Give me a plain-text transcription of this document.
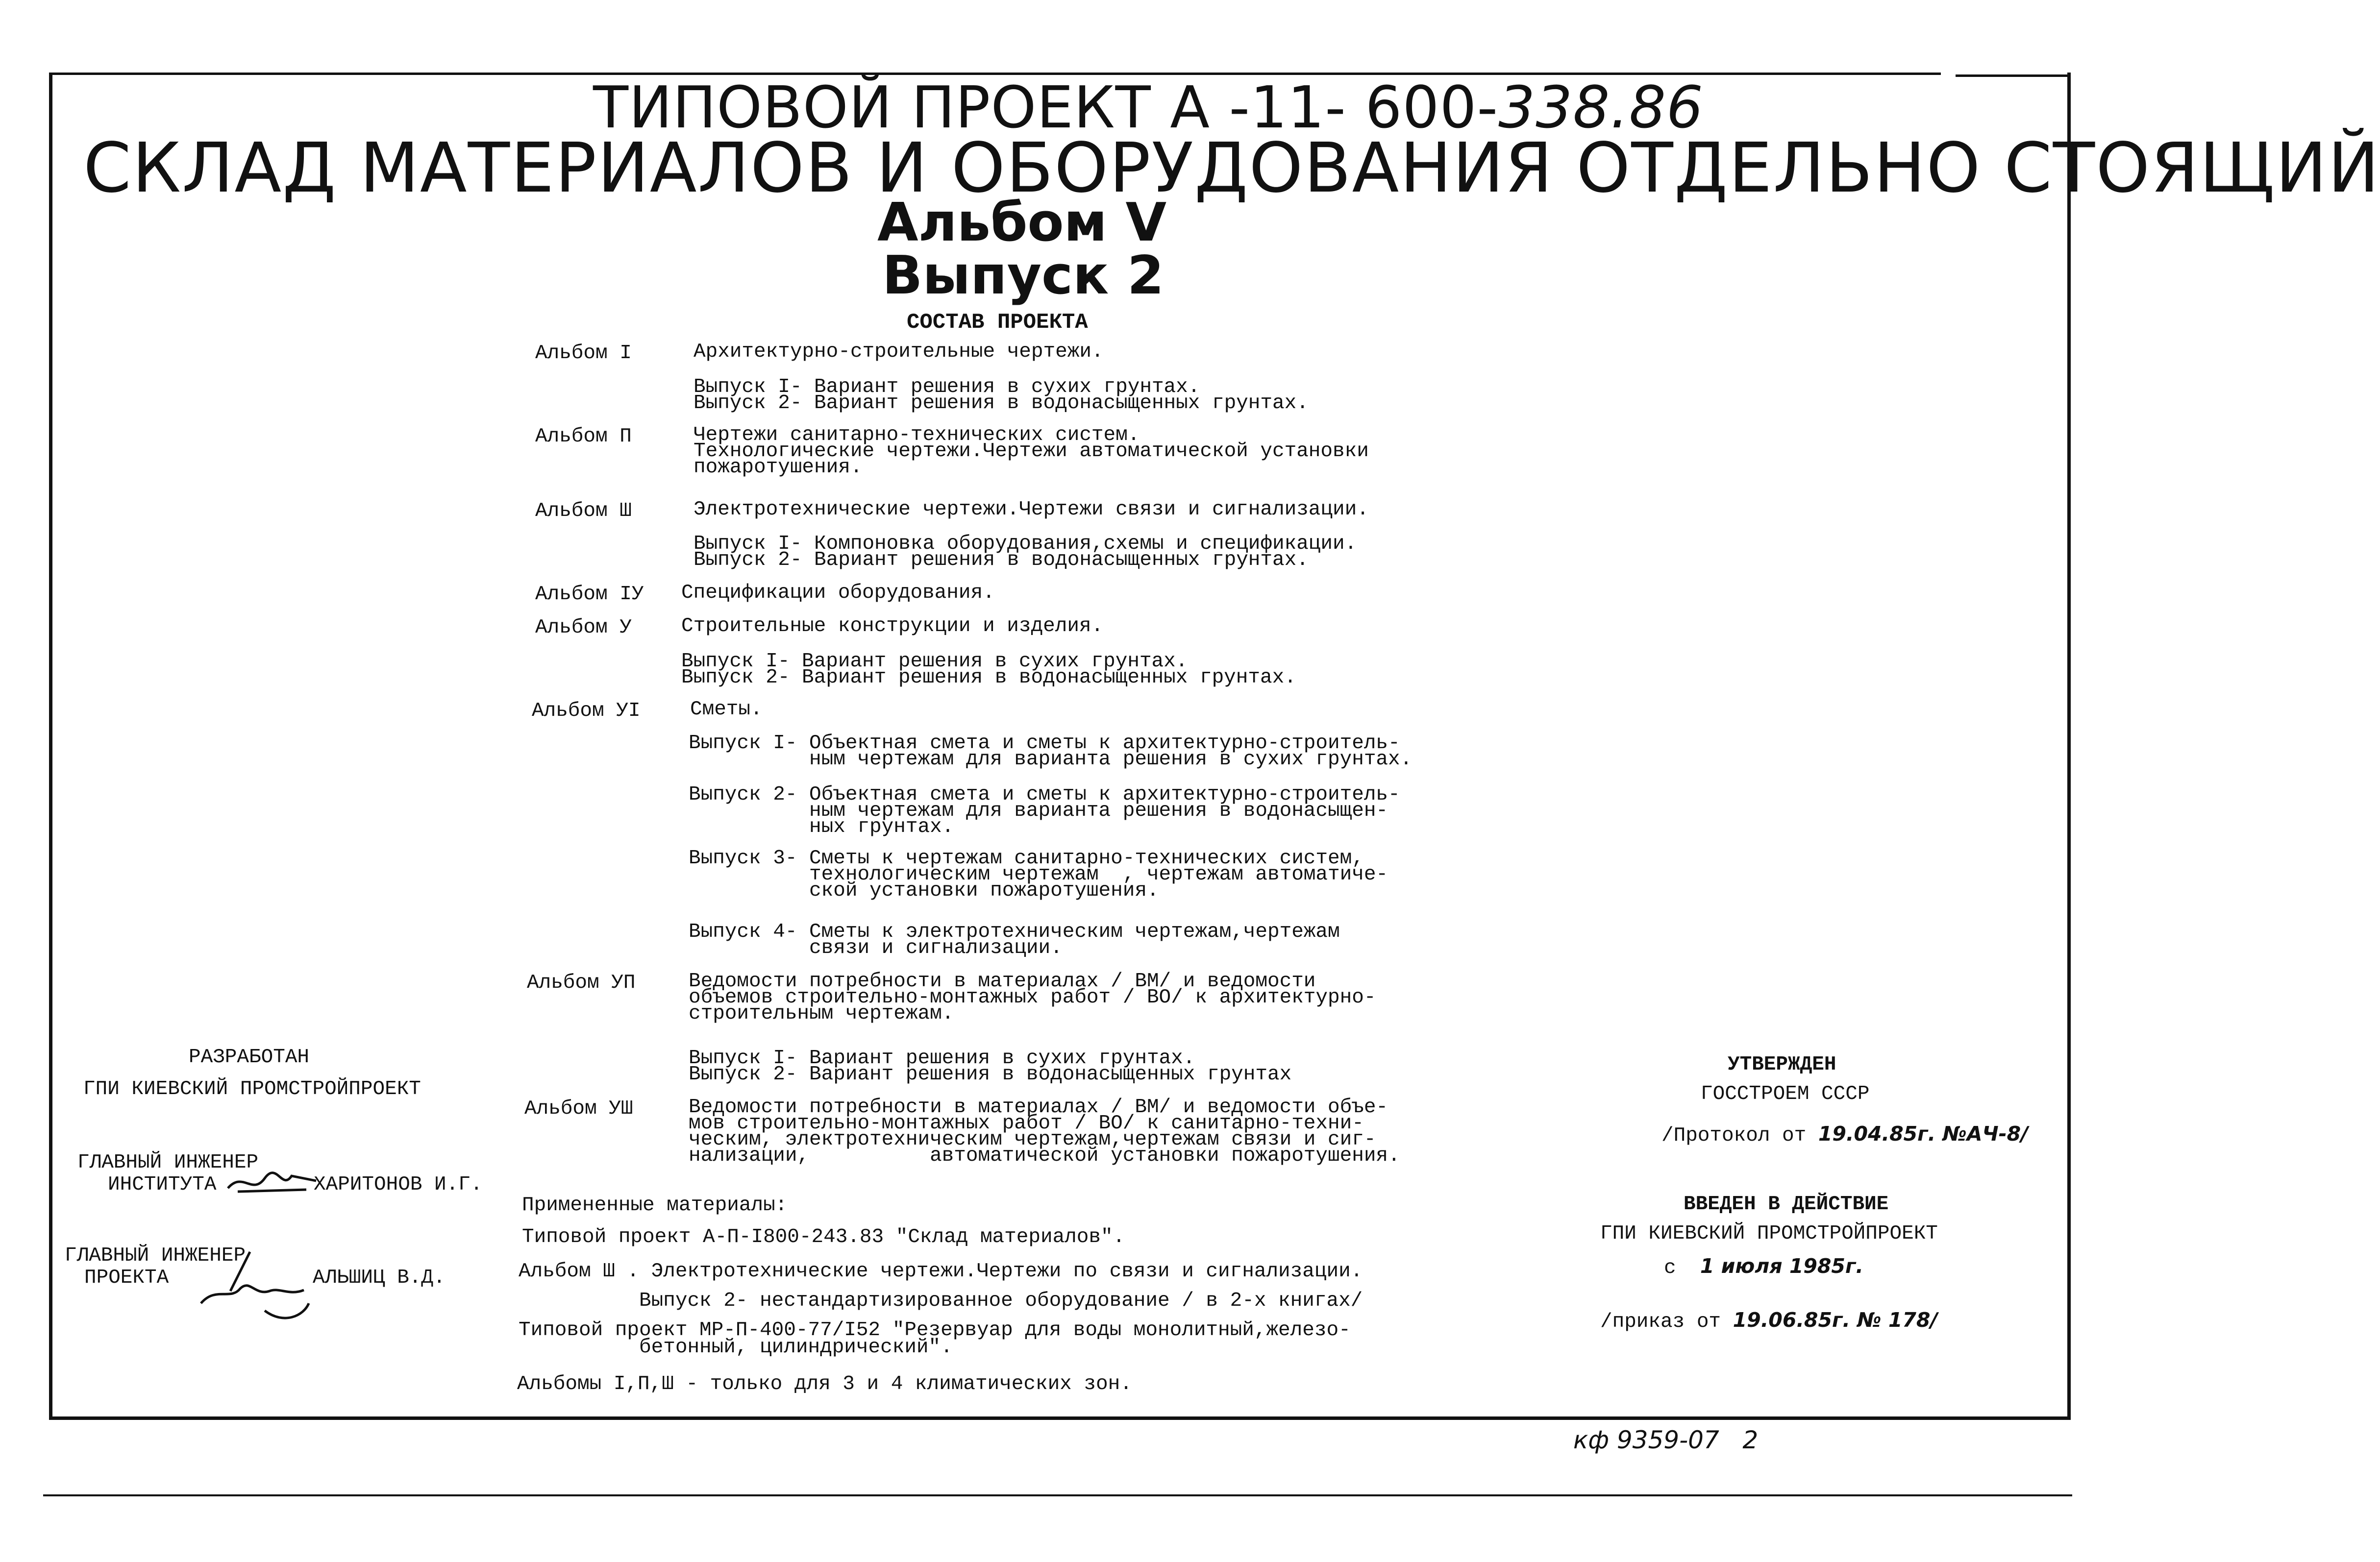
ТИПОВОЙ ПРОЕКТ А -11- 600-338.86
СКЛАД МАТЕРИАЛОВ И ОБОРУДОВАНИЯ ОТДЕЛЬНО СТОЯЩИЙ
Альбом V
Выпуск 2
СОСТАВ ПРОЕКТА
Альбом I	Архитектурно-строительные чертежи.
Выпуск I- Вариант решения в сухих грунтах.
Выпуск 2- Вариант решения в водонасыщенных грунтах.
Альбом П	Чертежи санитарно-технических систем.
Технологические чертежи.Чертежи автоматической установки
пожаротушения.
Альбом Ш	Электротехнические чертежи.Чертежи связи и сигнализации.
Выпуск I- Компоновка оборудования,схемы и спецификации.
Выпуск 2- Вариант решения в водонасыщенных грунтах.
Альбом IУ Спецификации оборудования.
Альбом У Строительные конструкции и изделия.
Выпуск I- Вариант решения в сухих грунтах.
Выпуск 2- Вариант решения в водонасыщенных грунтах.
Альбом УI Сметы.
Выпуск I- Объектная смета и сметы к архитектурно-строитель-
ным чертежам для варианта решения в сухих грунтах.
Выпуск 2- Объектная смета и сметы к архитектурно-строитель-
ным чертежам для варианта решения в водонасыщен-
ных грунтах.
Выпуск 3- Сметы к чертежам санитарно-технических систем,
технологическим чертежам  , чертежам автоматиче-
ской установки пожаротушения.
Выпуск 4- Сметы к электротехническим чертежам,чертежам
связи и сигнализации.
Альбом УП	Ведомости потребности в материалах / ВМ/ и ведомости
объемов строительно-монтажных работ / ВО/ к архитектурно-
строительным чертежам.
Выпуск I- Вариант решения в сухих грунтах.
Выпуск 2- Вариант решения в водонасыщенных грунтах
Альбом УШ	Ведомости потребности в материалах / ВМ/ и ведомости объе-
мов строительно-монтажных работ / ВО/ к санитарно-техни-
ческим, электротехническим чертежам,чертежам связи и сиг-
нализации,          автоматической установки пожаротушения.
Примененные материалы:
Типовой проект А-П-I800-243.83 "Склад материалов".
Альбом Ш . Электротехнические чертежи.Чертежи по связи и сигнализации.
Выпуск 2- нестандартизированное оборудование / в 2-х книгах/
Типовой проект МР-П-400-77/I52 "Резервуар для воды монолитный,железо-
бетонный, цилиндрический".
Альбомы I,П,Ш - только для 3 и 4 климатических зон.
РАЗРАБОТАН
ГПИ КИЕВСКИЙ ПРОМСТРОЙПРОЕКТ
ГЛАВНЫЙ ИНЖЕНЕР
ИНСТИТУТА	ХАРИТОНОВ И.Г.
ГЛАВНЫЙ ИНЖЕНЕР
ПРОЕКТА	АЛЬШИЦ В.Д.
УТВЕРЖДЕН
ГОССТРОЕМ СССР
/Протокол от 19.04.85г. №АЧ-8/
ВВЕДЕН В ДЕЙСТВИЕ
ГПИ КИЕВСКИЙ ПРОМСТРОЙПРОЕКТ
с  1 июля 1985г.
/приказ от 19.06.85г. № 178/
кф 9359-07   2
